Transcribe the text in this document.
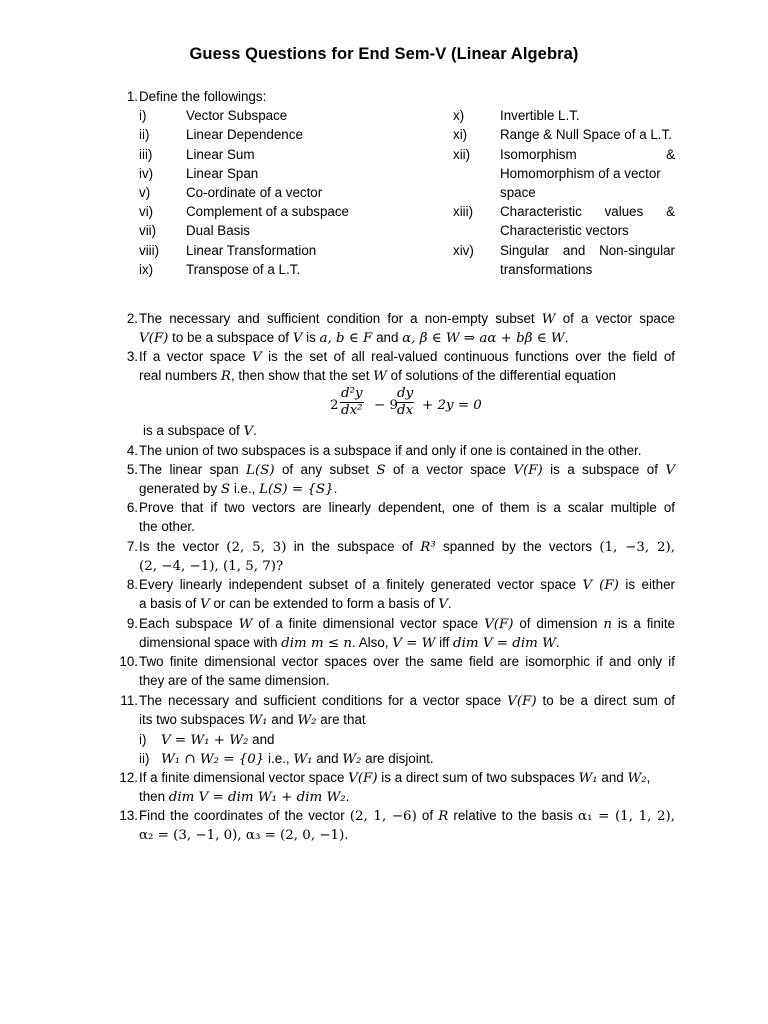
Guess Questions for End Sem-V (Linear Algebra)
1. Define the followings:
i)	Vector Subspace
ii)	Linear Dependence
iii)	Linear Sum
iv) Linear Span
v)	Co-ordinate of a vector
vi) Complement of a subspace
vii) Dual Basis
viii) Linear Transformation
ix) Transpose of a L.T.
x)	Invertible L.T.
xi) Range & Null Space of a L.T.
xii) Isomorphism &
Homomorphism of a vector
space
xiii) Characteristic values &
Characteristic vectors
xiv) Singular and Non-singular
transformations
2. The necessary and sufficient condition for a non-empty subset W of a vector space
V(F) to be a subspace of V is a, b ∈ F and α, β ∈ W ⇒ aα + bβ ∈ W.
3. If a vector space V is the set of all real-valued continuous functions over the field of
real numbers R, then show that the set W of solutions of the differential equation
$2 \frac{\text{d²y}}{\text{dx²}} - 9$
$\frac{dy}{dx} + 2y = 0$
is a subspace of V.
4. The union of two subspaces is a subspace if and only if one is contained in the other.
5. The linear span L(S) of any subset S of a vector space V(F) is a subspace of V
generated by S i.e., L(S) = {S}.
6. Prove that if two vectors are linearly dependent, one of them is a scalar multiple of
the other.
7. Is the vector (2, 5, 3) in the subspace of R³ spanned by the vectors (1, −3, 2),
(2, −4, −1), (1, 5, 7)?
8. Every linearly independent subset of a finitely generated vector space V (F) is either
a basis of V or can be extended to form a basis of V.
9. Each subspace W of a finite dimensional vector space V(F) of dimension n is a finite
dimensional space with dim m ≤ n. Also, V = W iff dim V = dim W.
10. Two finite dimensional vector spaces over the same field are isomorphic if and only if
they are of the same dimension.
11. The necessary and sufficient conditions for a vector space V(F) to be a direct sum of
its two subspaces W₁ and W₂ are that
i) V = W₁ + W₂ and
ii) W₁ ∩ W₂ = {0} i.e., W₁ and W₂ are disjoint.
12. If a finite dimensional vector space V(F) is a direct sum of two subspaces W₁ and W₂,
then dim V = dim W₁ + dim W₂.
13. Find the coordinates of the vector (2, 1, −6) of R relative to the basis α₁ = (1, 1, 2),
α₂ = (3, −1, 0), α₃ = (2, 0, −1).
